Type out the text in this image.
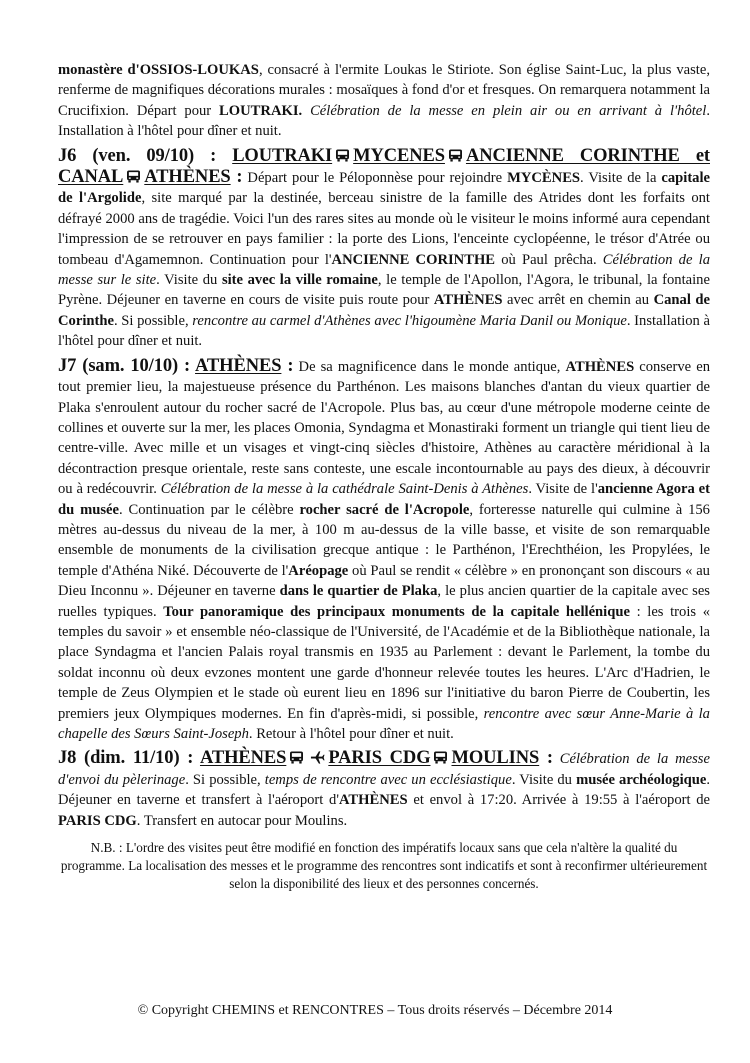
monastère d'OSSIOS-LOUKAS, consacré à l'ermite Loukas le Stiriote. Son église Saint-Luc, la plus vaste, renferme de magnifiques décorations murales : mosaïques à fond d'or et fresques. On remarquera notamment la Crucifixion. Départ pour LOUTRAKI. Célébration de la messe en plein air ou en arrivant à l'hôtel. Installation à l'hôtel pour dîner et nuit.

J6 (ven. 09/10) : LOUTRAKI MYCENES ANCIENNE CORINTHE et CANAL ATHÈNES : Départ pour le Péloponnèse pour rejoindre MYCÈNES. Visite de la capitale de l'Argolide, site marqué par la destinée, berceau sinistre de la famille des Atrides dont les forfaits ont défrayé 2000 ans de tragédie. Voici l'un des rares sites au monde où le visiteur le moins informé aura cependant l'impression de se retrouver en pays familier : la porte des Lions, l'enceinte cyclopéenne, le trésor d'Atrée ou tombeau d'Agamemnon. Continuation pour l'ANCIENNE CORINTHE où Paul prêcha. Célébration de la messe sur le site. Visite du site avec la ville romaine, le temple de l'Apollon, l'Agora, le tribunal, la fontaine Pyrène. Déjeuner en taverne en cours de visite puis route pour ATHÈNES avec arrêt en chemin au Canal de Corinthe. Si possible, rencontre au carmel d'Athènes avec l'higoumène Maria Danil ou Monique. Installation à l'hôtel pour dîner et nuit.

J7 (sam. 10/10) : ATHÈNES : De sa magnificence dans le monde antique, ATHÈNES conserve en tout premier lieu, la majestueuse présence du Parthénon. Les maisons blanches d'antan du vieux quartier de Plaka s'enroulent autour du rocher sacré de l'Acropole. Plus bas, au cœur d'une métropole moderne ceinte de collines et ouverte sur la mer, les places Omonia, Syndagma et Monastiraki forment un triangle qui tient lieu de centre-ville. Avec mille et un visages et vingt-cinq siècles d'histoire, Athènes au caractère méridional à la décontraction presque orientale, reste sans conteste, une escale incontournable au pays des dieux, à découvrir ou à redécouvrir. Célébration de la messe à la cathédrale Saint-Denis à Athènes. Visite de l'ancienne Agora et du musée. Continuation par le célèbre rocher sacré de l'Acropole, forteresse naturelle qui culmine à 156 mètres au-dessus du niveau de la mer, à 100 m au-dessus de la ville basse, et visite de son remarquable ensemble de monuments de la civilisation grecque antique : le Parthénon, l'Erechthéion, les Propylées, le temple d'Athéna Niké. Découverte de l'Aréopage où Paul se rendit « célèbre » en prononçant son discours « au Dieu Inconnu ». Déjeuner en taverne dans le quartier de Plaka, le plus ancien quartier de la capitale avec ses ruelles typiques. Tour panoramique des principaux monuments de la capitale hellénique : les trois « temples du savoir » et ensemble néo-classique de l'Université, de l'Académie et de la Bibliothèque nationale, la place Syndagma et l'ancien Palais royal transmis en 1935 au Parlement : devant le Parlement, la tombe du soldat inconnu où deux evzones montent une garde d'honneur relevée toutes les heures. L'Arc d'Hadrien, le temple de Zeus Olympien et le stade où eurent lieu en 1896 sur l'initiative du baron Pierre de Coubertin, les premiers jeux Olympiques modernes. En fin d'après-midi, si possible, rencontre avec sœur Anne-Marie à la chapelle des Sœurs Saint-Joseph. Retour à l'hôtel pour dîner et nuit.

J8 (dim. 11/10) : ATHÈNES PARIS CDG MOULINS : Célébration de la messe d'envoi du pèlerinage. Si possible, temps de rencontre avec un ecclésiastique. Visite du musée archéologique. Déjeuner en taverne et transfert à l'aéroport d'ATHÈNES et envol à 17:20. Arrivée à 19:55 à l'aéroport de PARIS CDG. Transfert en autocar pour Moulins.

N.B. : L'ordre des visites peut être modifié en fonction des impératifs locaux sans que cela n'altère la qualité du programme. La localisation des messes et le programme des rencontres sont indicatifs et sont à reconfirmer ultérieurement selon la disponibilité des lieux et des personnes concernés.

© Copyright CHEMINS et RENCONTRES – Tous droits réservés – Décembre 2014
